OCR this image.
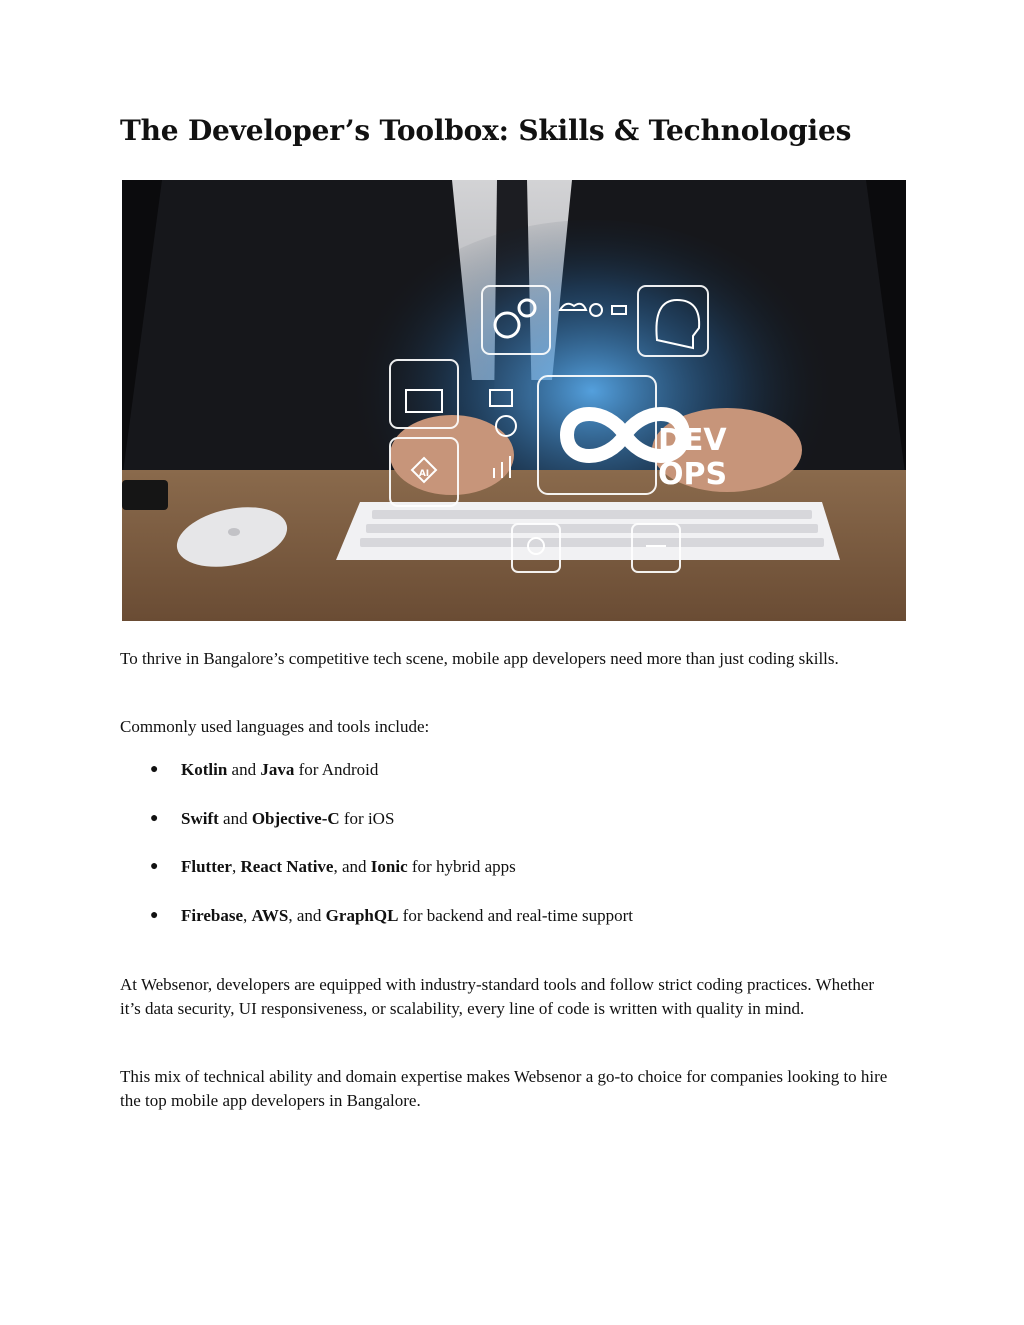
The Developer’s Toolbox: Skills & Technologies
AI
DEV
OPS

To thrive in Bangalore’s competitive tech scene, mobile app developers need more than just coding skills.

Commonly used languages and tools include:

● Kotlin and Java for Android
● Swift and Objective-C for iOS
● Flutter, React Native, and Ionic for hybrid apps
● Firebase, AWS, and GraphQL for backend and real-time support

At Websenor, developers are equipped with industry-standard tools and follow strict coding practices. Whether it’s data security, UI responsiveness, or scalability, every line of code is written with quality in mind.

This mix of technical ability and domain expertise makes Websenor a go-to choice for companies looking to hire the top mobile app developers in Bangalore.
